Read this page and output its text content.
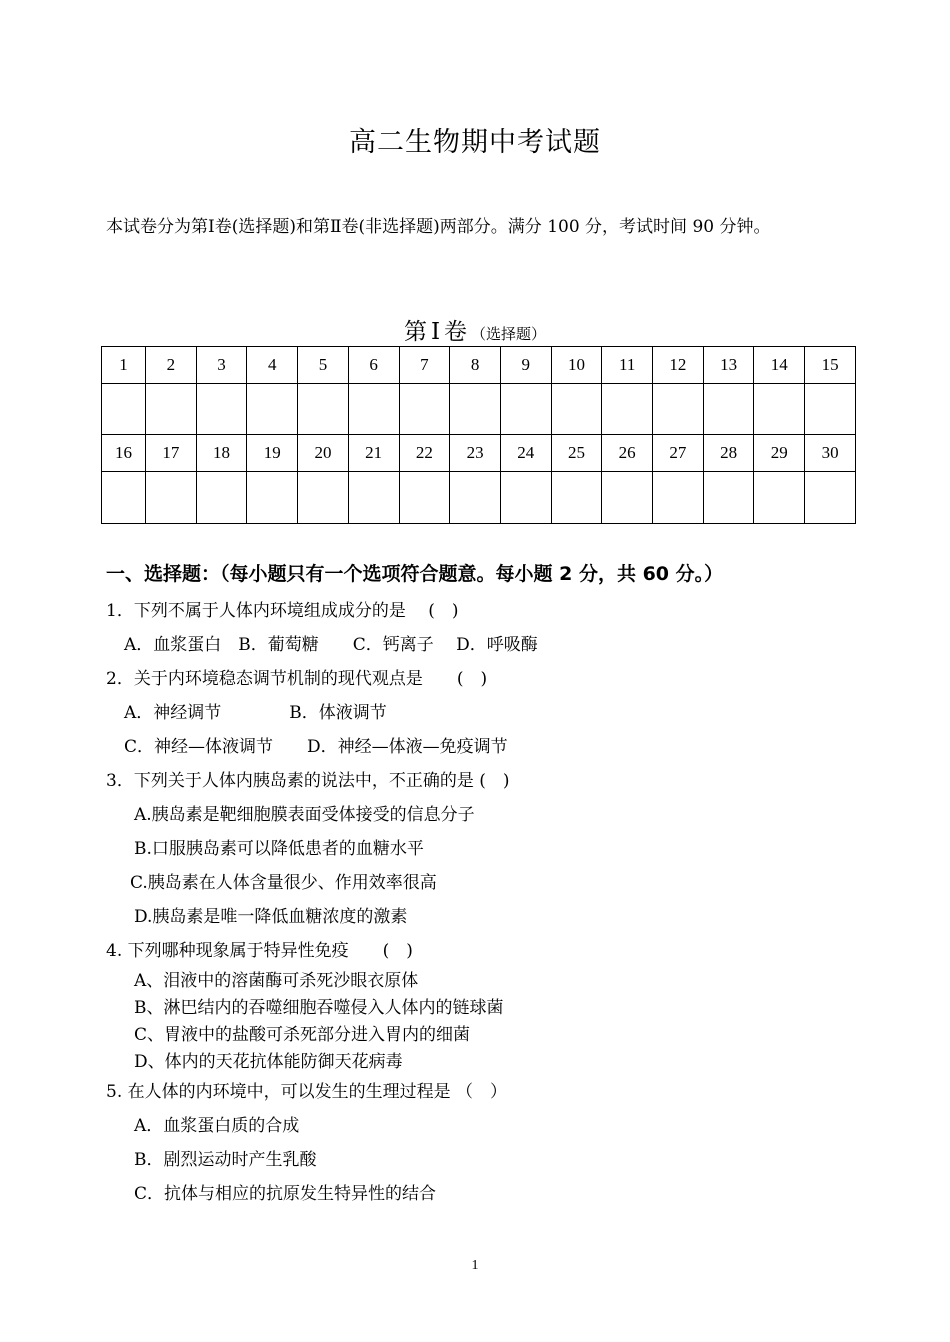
高二生物期中考试题
本试卷分为第Ⅰ卷(选择题)和第Ⅱ卷(非选择题)两部分。满分 100 分，考试时间 90 分钟。
第Ⅰ卷（选择题）
1	2	3	4	5	6	7	8	9	10	11	12	13	14	15

16	17	18	19	20	21	22	23	24	25	26	27	28	29	30

一、选择题：（每小题只有一个选项符合题意。每小题 2 分，共 60 分。）
1．下列不属于人体内环境组成成分的是　 (　)
A．血浆蛋白　B．葡萄糖　　C．钙离子　 D．呼吸酶
2．关于内环境稳态调节机制的现代观点是　　(　)
A．神经调节　　　　B．体液调节
C．神经—体液调节　　D．神经—体液—免疫调节
3．下列关于人体内胰岛素的说法中，不正确的是 (　)
A.胰岛素是靶细胞膜表面受体接受的信息分子
B.口服胰岛素可以降低患者的血糖水平
C.胰岛素在人体含量很少、作用效率很高
D.胰岛素是唯一降低血糖浓度的激素
4. 下列哪种现象属于特异性免疫　　(　)
A、泪液中的溶菌酶可杀死沙眼衣原体
B、淋巴结内的吞噬细胞吞噬侵入人体内的链球菌
C、胃液中的盐酸可杀死部分进入胃内的细菌
D、体内的天花抗体能防御天花病毒
5. 在人体的内环境中，可以发生的生理过程是 （　）
A．血浆蛋白质的合成
B．剧烈运动时产生乳酸
C．抗体与相应的抗原发生特异性的结合
1
